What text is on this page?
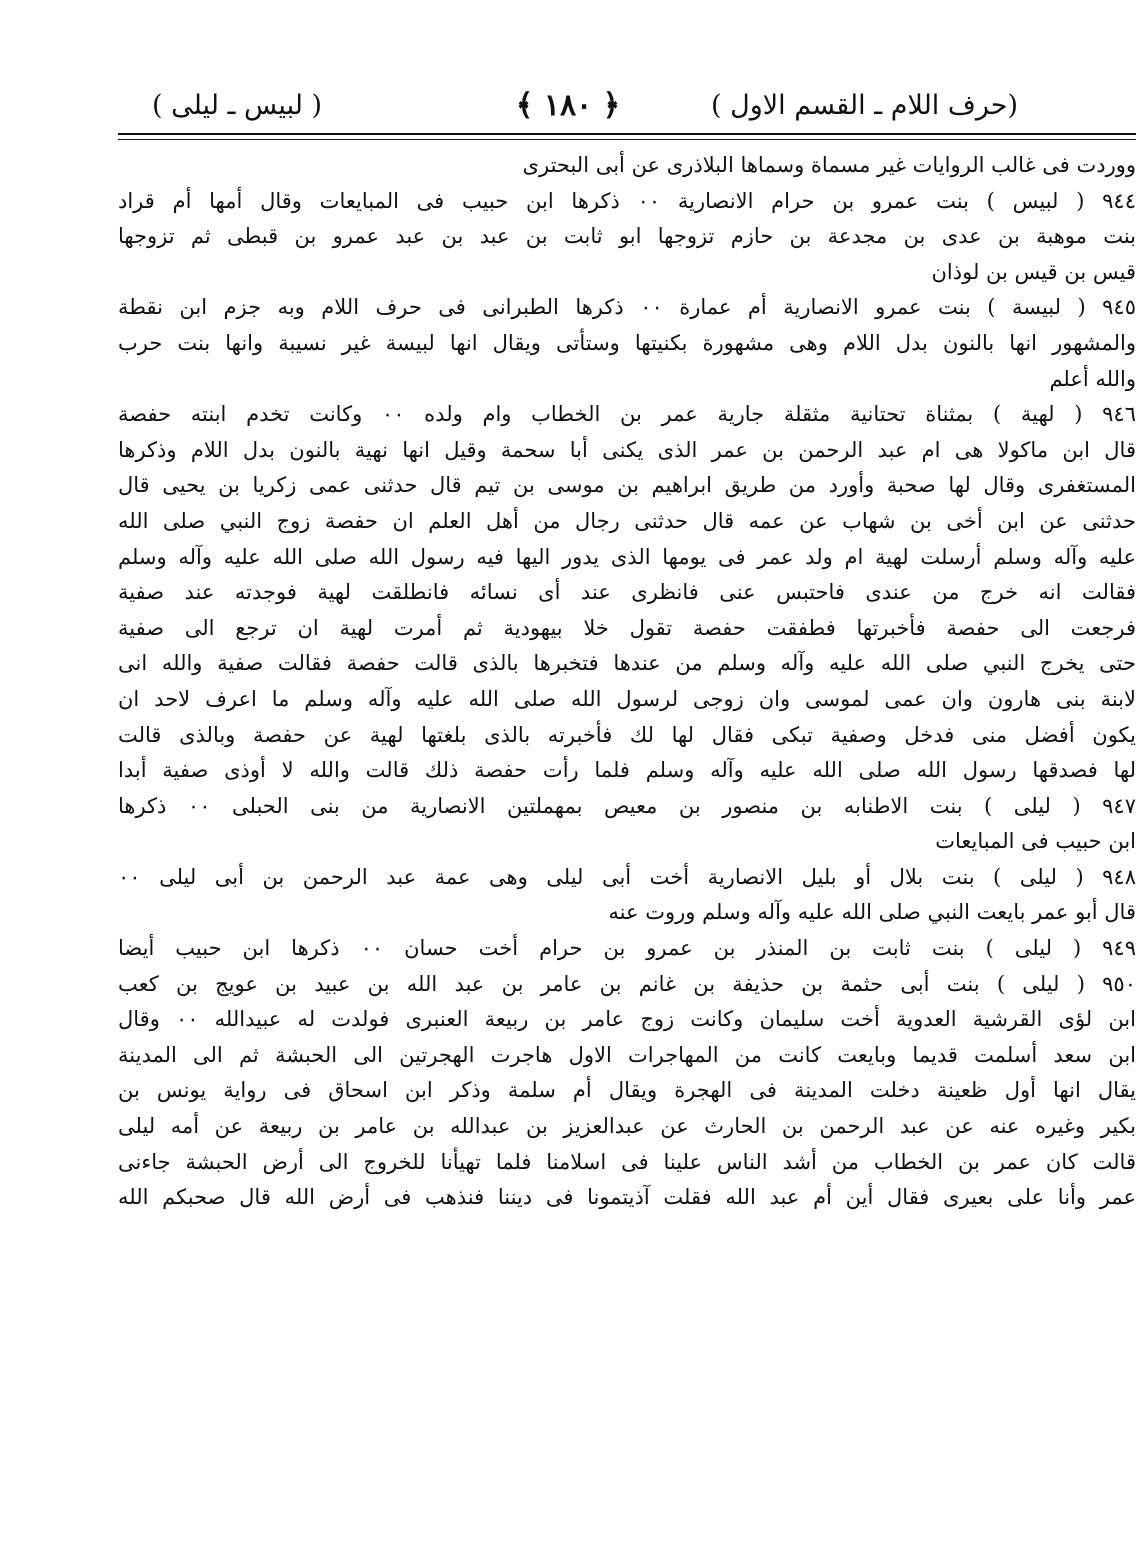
(حرف اللام ـ القسم الاول )
﴿ ١٨٠ ﴾
( لبيس ـ ليلى )
ووردت فى غالب الروايات غير مسماة وسماها البلاذرى عن أبى البحترى
٩٤٤ ( لبيس ) بنت عمرو بن حرام الانصارية ٠٠ ذكرها ابن حبيب فى المبايعات وقال أمها أم قراد
بنت موهبة بن عدى بن مجدعة بن حازم تزوجها ابو ثابت بن عبد بن عبد عمرو بن قبطى ثم تزوجها
قيس بن قيس بن لوذان
٩٤٥ ( لبيسة ) بنت عمرو الانصارية أم عمارة ٠٠ ذكرها الطبرانى فى حرف اللام وبه جزم ابن نقطة
والمشهور انها بالنون بدل اللام وهى مشهورة بكنيتها وستأتى ويقال انها لبيسة غير نسيبة وانها بنت حرب
والله أعلم
٩٤٦ ( لهية ) بمثناة تحتانية مثقلة جارية عمر بن الخطاب وام ولده ٠٠ وكانت تخدم ابنته حفصة
قال ابن ماكولا هى ام عبد الرحمن بن عمر الذى يكنى أبا سحمة وقيل انها نهية بالنون بدل اللام وذكرها
المستغفرى وقال لها صحبة وأورد من طريق ابراهيم بن موسى بن تيم قال حدثنى عمى زكريا بن يحيى قال
حدثنى عن ابن أخى بن شهاب عن عمه قال حدثنى رجال من أهل العلم ان حفصة زوج النبي صلى الله
عليه وآله وسلم أرسلت لهية ام ولد عمر فى يومها الذى يدور اليها فيه رسول الله صلى الله عليه وآله وسلم
فقالت انه خرج من عندى فاحتبس عنى فانظرى عند أى نسائه فانطلقت لهية فوجدته عند صفية
فرجعت الى حفصة فأخبرتها فطفقت حفصة تقول خلا بيهودية ثم أمرت لهية ان ترجع الى صفية
حتى يخرج النبي صلى الله عليه وآله وسلم من عندها فتخبرها بالذى قالت حفصة فقالت صفية والله انى
لابنة بنى هارون وان عمى لموسى وان زوجى لرسول الله صلى الله عليه وآله وسلم ما اعرف لاحد ان
يكون أفضل منى فدخل وصفية تبكى فقال لها لك فأخبرته بالذى بلغتها لهية عن حفصة وبالذى قالت
لها فصدقها رسول الله صلى الله عليه وآله وسلم فلما رأت حفصة ذلك قالت والله لا أوذى صفية أبدا
٩٤٧ ( ليلى ) بنت الاطنابه بن منصور بن معيص بمهملتين الانصارية من بنى الحبلى ٠٠ ذكرها
ابن حبيب فى المبايعات
٩٤٨ ( ليلى ) بنت بلال أو بليل الانصارية أخت أبى ليلى وهى عمة عبد الرحمن بن أبى ليلى ٠٠
قال أبو عمر بايعت النبي صلى الله عليه وآله وسلم وروت عنه
٩٤٩ ( ليلى ) بنت ثابت بن المنذر بن عمرو بن حرام أخت حسان ٠٠ ذكرها ابن حبيب أيضا
٩٥٠ ( ليلى ) بنت أبى حثمة بن حذيفة بن غانم بن عامر بن عبد الله بن عبيد بن عويج بن كعب
ابن لؤى القرشية العدوية أخت سليمان وكانت زوج عامر بن ربيعة العنبرى فولدت له عبيدالله ٠٠ وقال
ابن سعد أسلمت قديما وبايعت كانت من المهاجرات الاول هاجرت الهجرتين الى الحبشة ثم الى المدينة
يقال انها أول ظعينة دخلت المدينة فى الهجرة ويقال أم سلمة وذكر ابن اسحاق فى رواية يونس بن
بكير وغيره عنه عن عبد الرحمن بن الحارث عن عبدالعزيز بن عبدالله بن عامر بن ربيعة عن أمه ليلى
قالت كان عمر بن الخطاب من أشد الناس علينا فى اسلامنا فلما تهيأنا للخروج الى أرض الحبشة جاءنى
عمر وأنا على بعيرى فقال أين أم عبد الله فقلت آذيتمونا فى ديننا فنذهب فى أرض الله قال صحبكم الله
